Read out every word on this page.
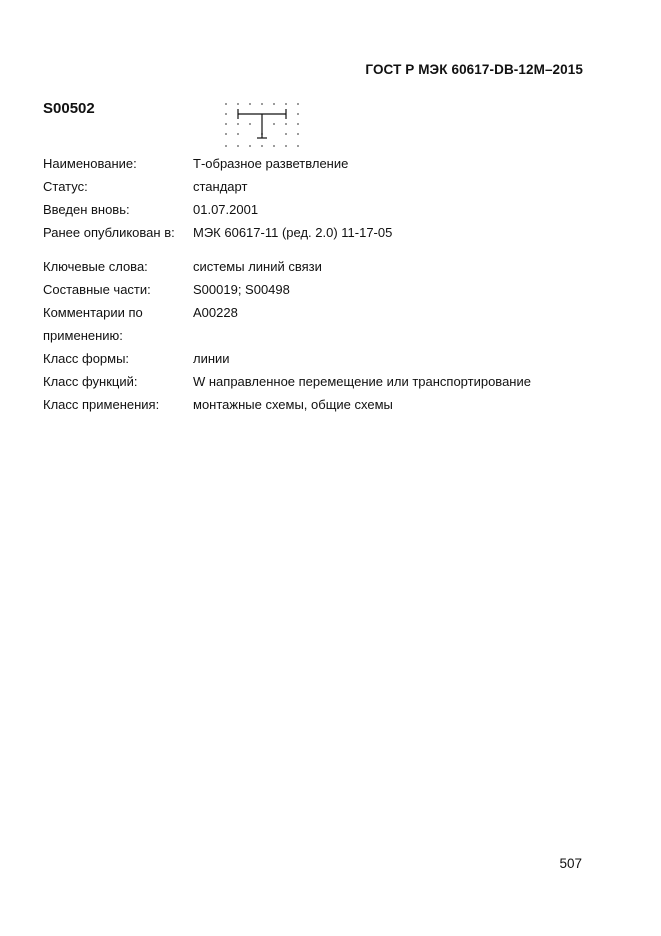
ГОСТ Р МЭК 60617-DB-12M–2015
S00502
Наименование:	Т-образное разветвление
Статус:	стандарт
Введен вновь:	01.07.2001
Ранее опубликован в:	МЭК 60617-11 (ред. 2.0) 11-17-05
Ключевые слова:	системы линий связи
Составные части:	S00019; S00498
Комментарии по	A00228
применению:
Класс формы:	линии
Класс функций:	W направленное перемещение или транспортирование
Класс применения:	монтажные схемы, общие схемы
507
